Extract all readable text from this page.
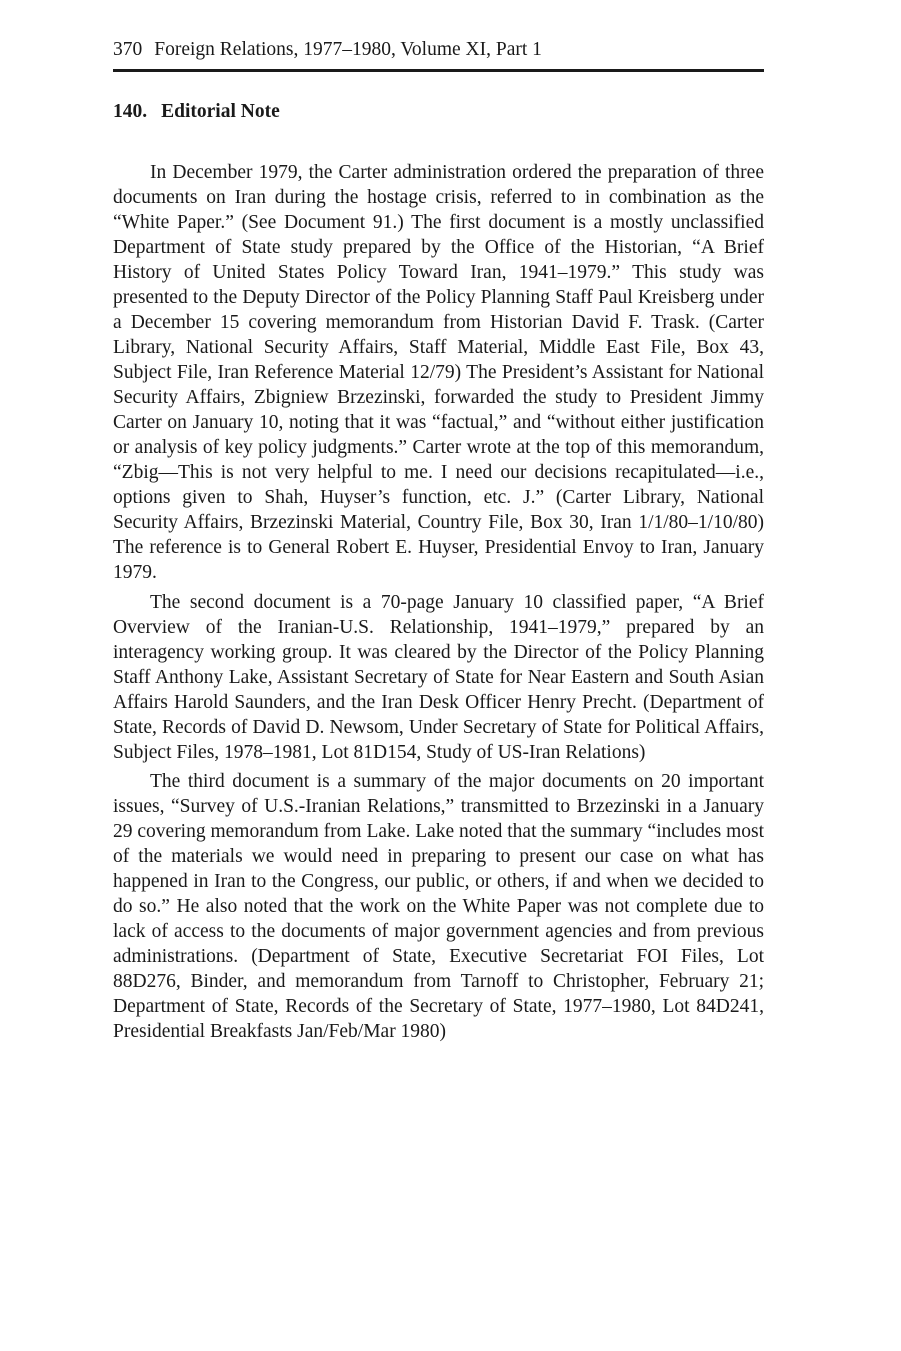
370 Foreign Relations, 1977–1980, Volume XI, Part 1
140. Editorial Note

In December 1979, the Carter administration ordered the preparation of three documents on Iran during the hostage crisis, referred to in combination as the “White Paper.” (See Document 91.) The first document is a mostly unclassified Department of State study prepared by the Office of the Historian, “A Brief History of United States Policy Toward Iran, 1941–1979.” This study was presented to the Deputy Director of the Policy Planning Staff Paul Kreisberg under a December 15 covering memorandum from Historian David F. Trask. (Carter Library, National Security Affairs, Staff Material, Middle East File, Box 43, Subject File, Iran Reference Material 12/79) The President’s Assistant for National Security Affairs, Zbigniew Brzezinski, forwarded the study to President Jimmy Carter on January 10, noting that it was “factual,” and “without either justification or analysis of key policy judgments.” Carter wrote at the top of this memorandum, “Zbig—This is not very helpful to me. I need our decisions recapitulated—i.e., options given to Shah, Huyser’s function, etc. J.” (Carter Library, National Security Affairs, Brzezinski Material, Country File, Box 30, Iran 1/1/80–1/10/80) The reference is to General Robert E. Huyser, Presidential Envoy to Iran, January 1979.

The second document is a 70-page January 10 classified paper, “A Brief Overview of the Iranian-U.S. Relationship, 1941–1979,” prepared by an interagency working group. It was cleared by the Director of the Policy Planning Staff Anthony Lake, Assistant Secretary of State for Near Eastern and South Asian Affairs Harold Saunders, and the Iran Desk Officer Henry Precht. (Department of State, Records of David D. Newsom, Under Secretary of State for Political Affairs, Subject Files, 1978–1981, Lot 81D154, Study of US-Iran Relations)

The third document is a summary of the major documents on 20 important issues, “Survey of U.S.-Iranian Relations,” transmitted to Brzezinski in a January 29 covering memorandum from Lake. Lake noted that the summary “includes most of the materials we would need in preparing to present our case on what has happened in Iran to the Congress, our public, or others, if and when we decided to do so.” He also noted that the work on the White Paper was not complete due to lack of access to the documents of major government agencies and from previous administrations. (Department of State, Executive Secretariat FOI Files, Lot 88D276, Binder, and memorandum from Tarnoff to Christopher, February 21; Department of State, Records of the Secretary of State, 1977–1980, Lot 84D241, Presidential Breakfasts Jan/Feb/Mar 1980)
